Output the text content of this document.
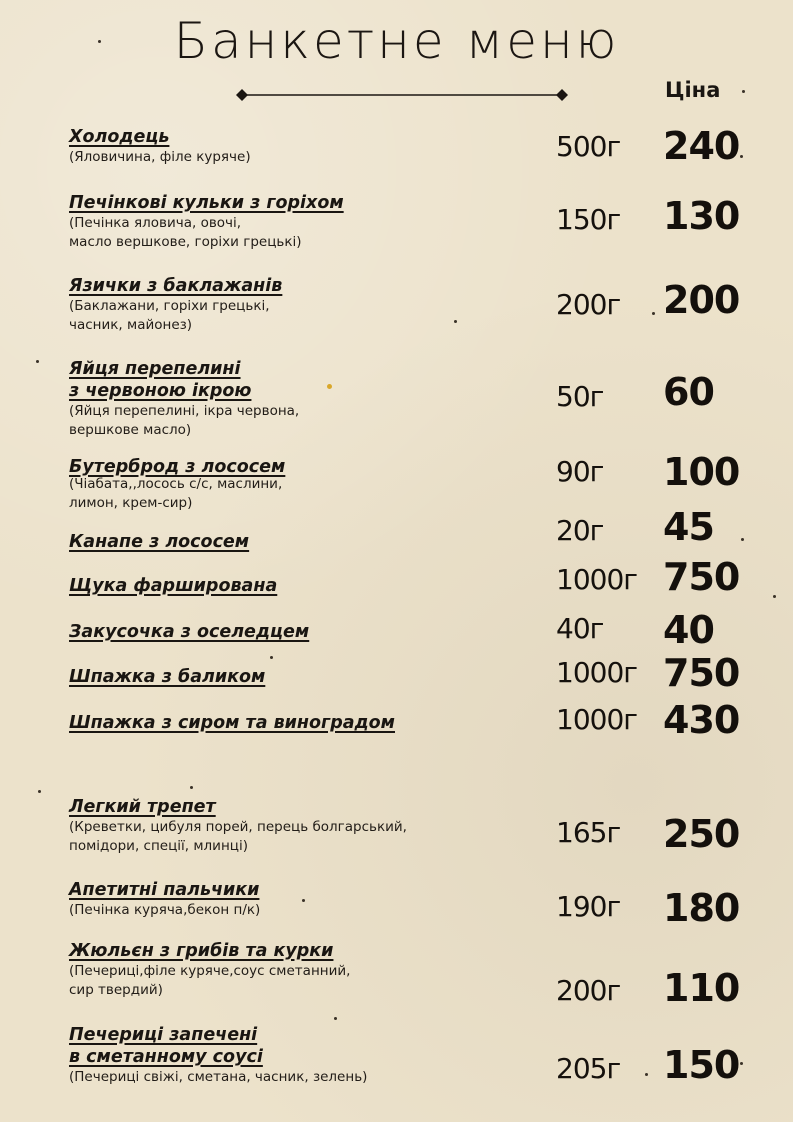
Банкетне меню
Ціна
Холодець
(Яловичина, філе куряче)	500г 240
Печінкові кульки з горіхом
(Печінка яловича, овочі,
масло вершкове, горіхи грецькі)
150г 130
Язички з баклажанів
(Баклажани, горіхи грецькі,
часник, майонез)
200г 200
Яйця перепелині
з червоною ікрою
(Яйця перепелині, ікра червона,
вершкове масло)
50г 60
Бутерброд з лососем
(Чіабата,,лосось с/с, маслини,
лимон, крем-сир)
90г 100
Канапе з лососем	20г 45
Щука фарширована	1000г 750
Закусочка з оселедцем	40г 40
Шпажка з баликом	1000г 750
Шпажка з сиром та виноградом	1000г 430
Легкий трепет
(Креветки, цибуля порей, перець болгарський,
помідори, спеції, млинці)	165г 250
Апетитні пальчики
(Печінка куряча,бекон п/к)	190г 180
Жюльєн з грибів та курки
(Печериці,філе куряче,соус сметанний,
сир твердий)	200г 110
Печериці запечені
в сметанному соусі
(Печериці свіжі, сметана, часник, зелень)	205г 150
